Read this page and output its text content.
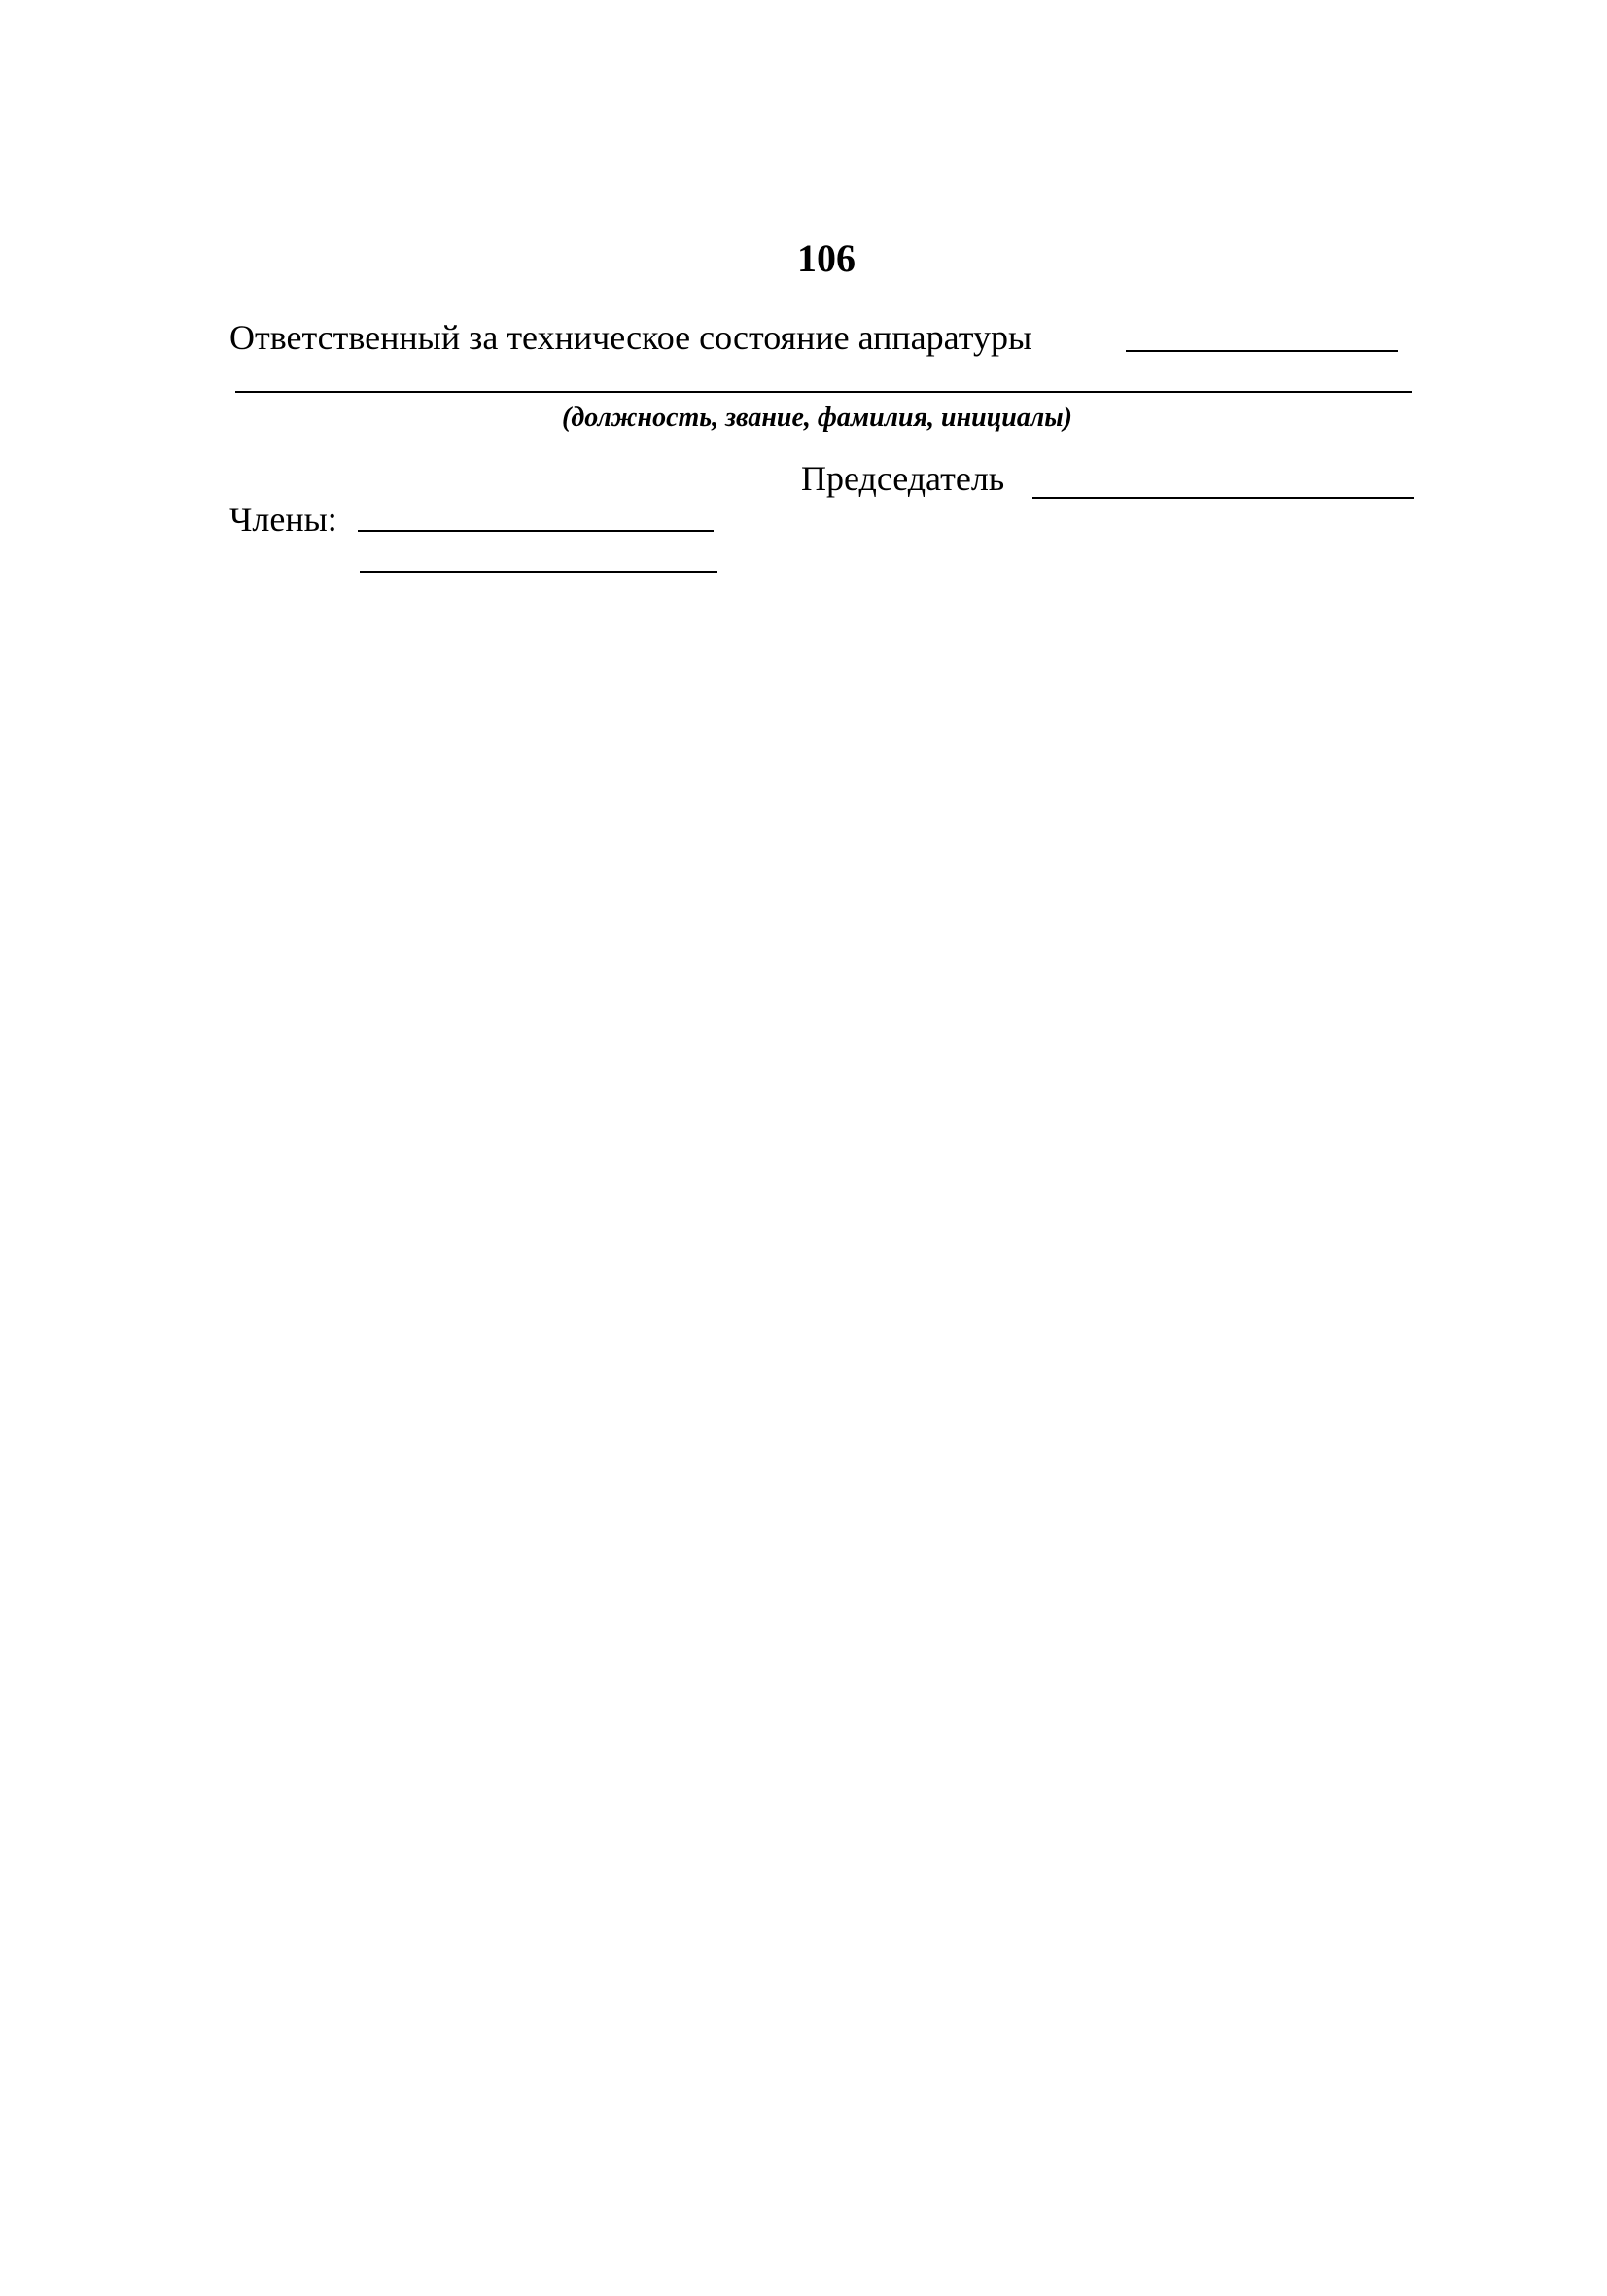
106
Ответственный за техническое состояние аппаратуры
(должность, звание, фамилия, инициалы)
Председатель
Члены:
